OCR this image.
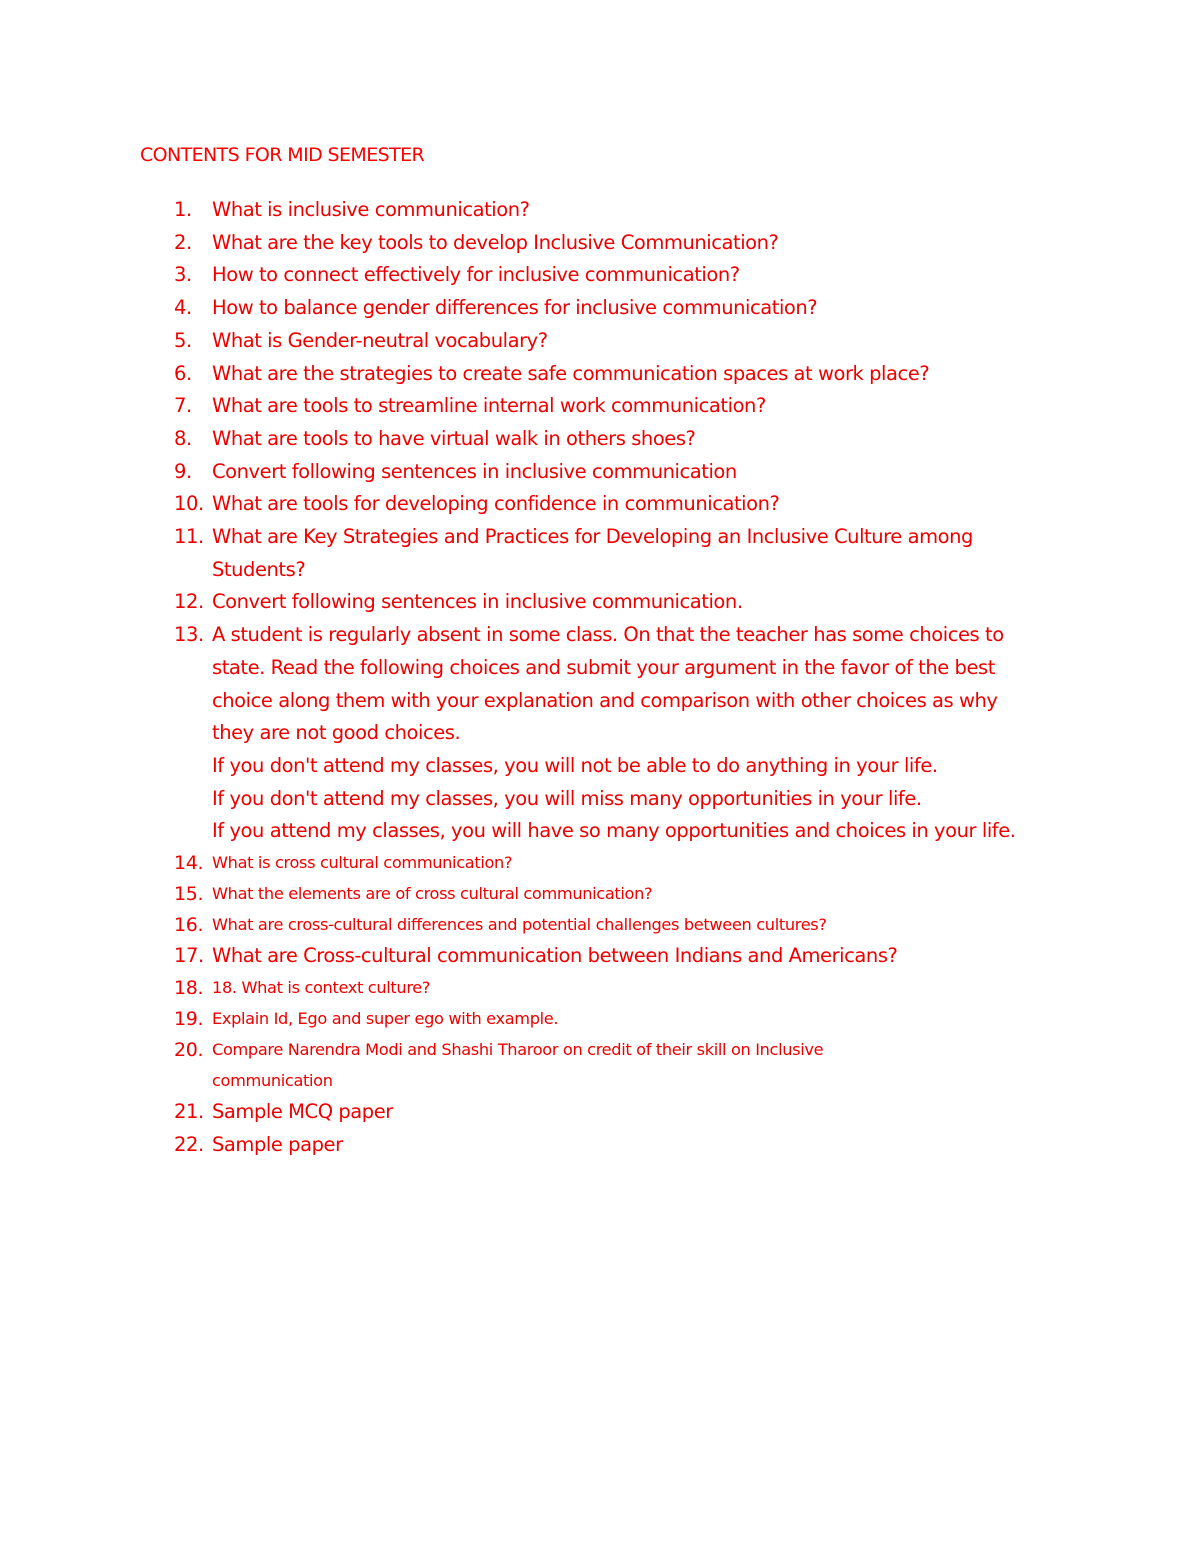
CONTENTS FOR MID SEMESTER
1.	What is inclusive communication?
2.	What are the key tools to develop Inclusive Communication?
3.	How to connect effectively for inclusive communication?
4.	How to balance gender differences for inclusive communication?
5.	What is Gender-neutral vocabulary?
6.	What are the strategies to create safe communication spaces at work place?
7.	What are tools to streamline internal work communication?
8.	What are tools to have virtual walk in others shoes?
9.	Convert following sentences in inclusive communication
10. What are tools for developing confidence in communication?
11. What are Key Strategies and Practices for Developing an Inclusive Culture among
Students?
12. Convert following sentences in inclusive communication.
13. A student is regularly absent in some class. On that the teacher has some choices to
state. Read the following choices and submit your argument in the favor of the best
choice along them with your explanation and comparison with other choices as why
they are not good choices.
If you don't attend my classes, you will not be able to do anything in your life.
If you don't attend my classes, you will miss many opportunities in your life.
If you attend my classes, you will have so many opportunities and choices in your life.
14. What is cross cultural communication?
15. What the elements are of cross cultural communication?
16. What are cross-cultural differences and potential challenges between cultures?
17. What are Cross-cultural communication between Indians and Americans?
18. 18. What is context culture?
19. Explain Id, Ego and super ego with example.
20. Compare Narendra Modi and Shashi Tharoor on credit of their skill on Inclusive
communication
21. Sample MCQ paper
22. Sample paper
